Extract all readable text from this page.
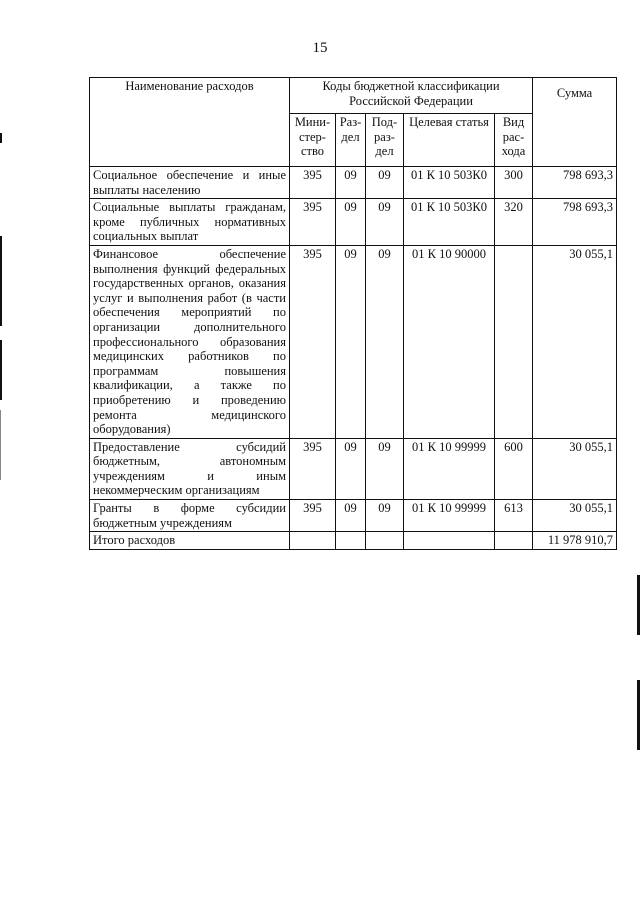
15
Наименование расходов	Коды бюджетной классификации Российской Федерации					Сумма
	Мини-стер-ство	Раз-дел	Под-раз-дел	Целевая статья	Вид рас-хода	
Социальное обеспечение и иные выплаты населению	395	09	09	01 К 10 503К0	300	798 693,3
Социальные выплаты гражданам, кроме публичных нормативных социальных выплат	395	09	09	01 К 10 503К0	320	798 693,3
Финансовое обеспечение выполнения функций федеральных государственных органов, оказания услуг и выполнения работ (в части обеспечения мероприятий по организации дополнительного профессионального образования медицинских работников по программам повышения квалификации, а также по приобретению и проведению ремонта медицинского оборудования)	395	09	09	01 К 10 90000		30 055,1
Предоставление субсидий бюджетным, автономным учреждениям и иным некоммерческим организациям	395	09	09	01 К 10 99999	600	30 055,1
Гранты в форме субсидии бюджетным учреждениям	395	09	09	01 К 10 99999	613	30 055,1
Итого расходов						11 978 910,7
